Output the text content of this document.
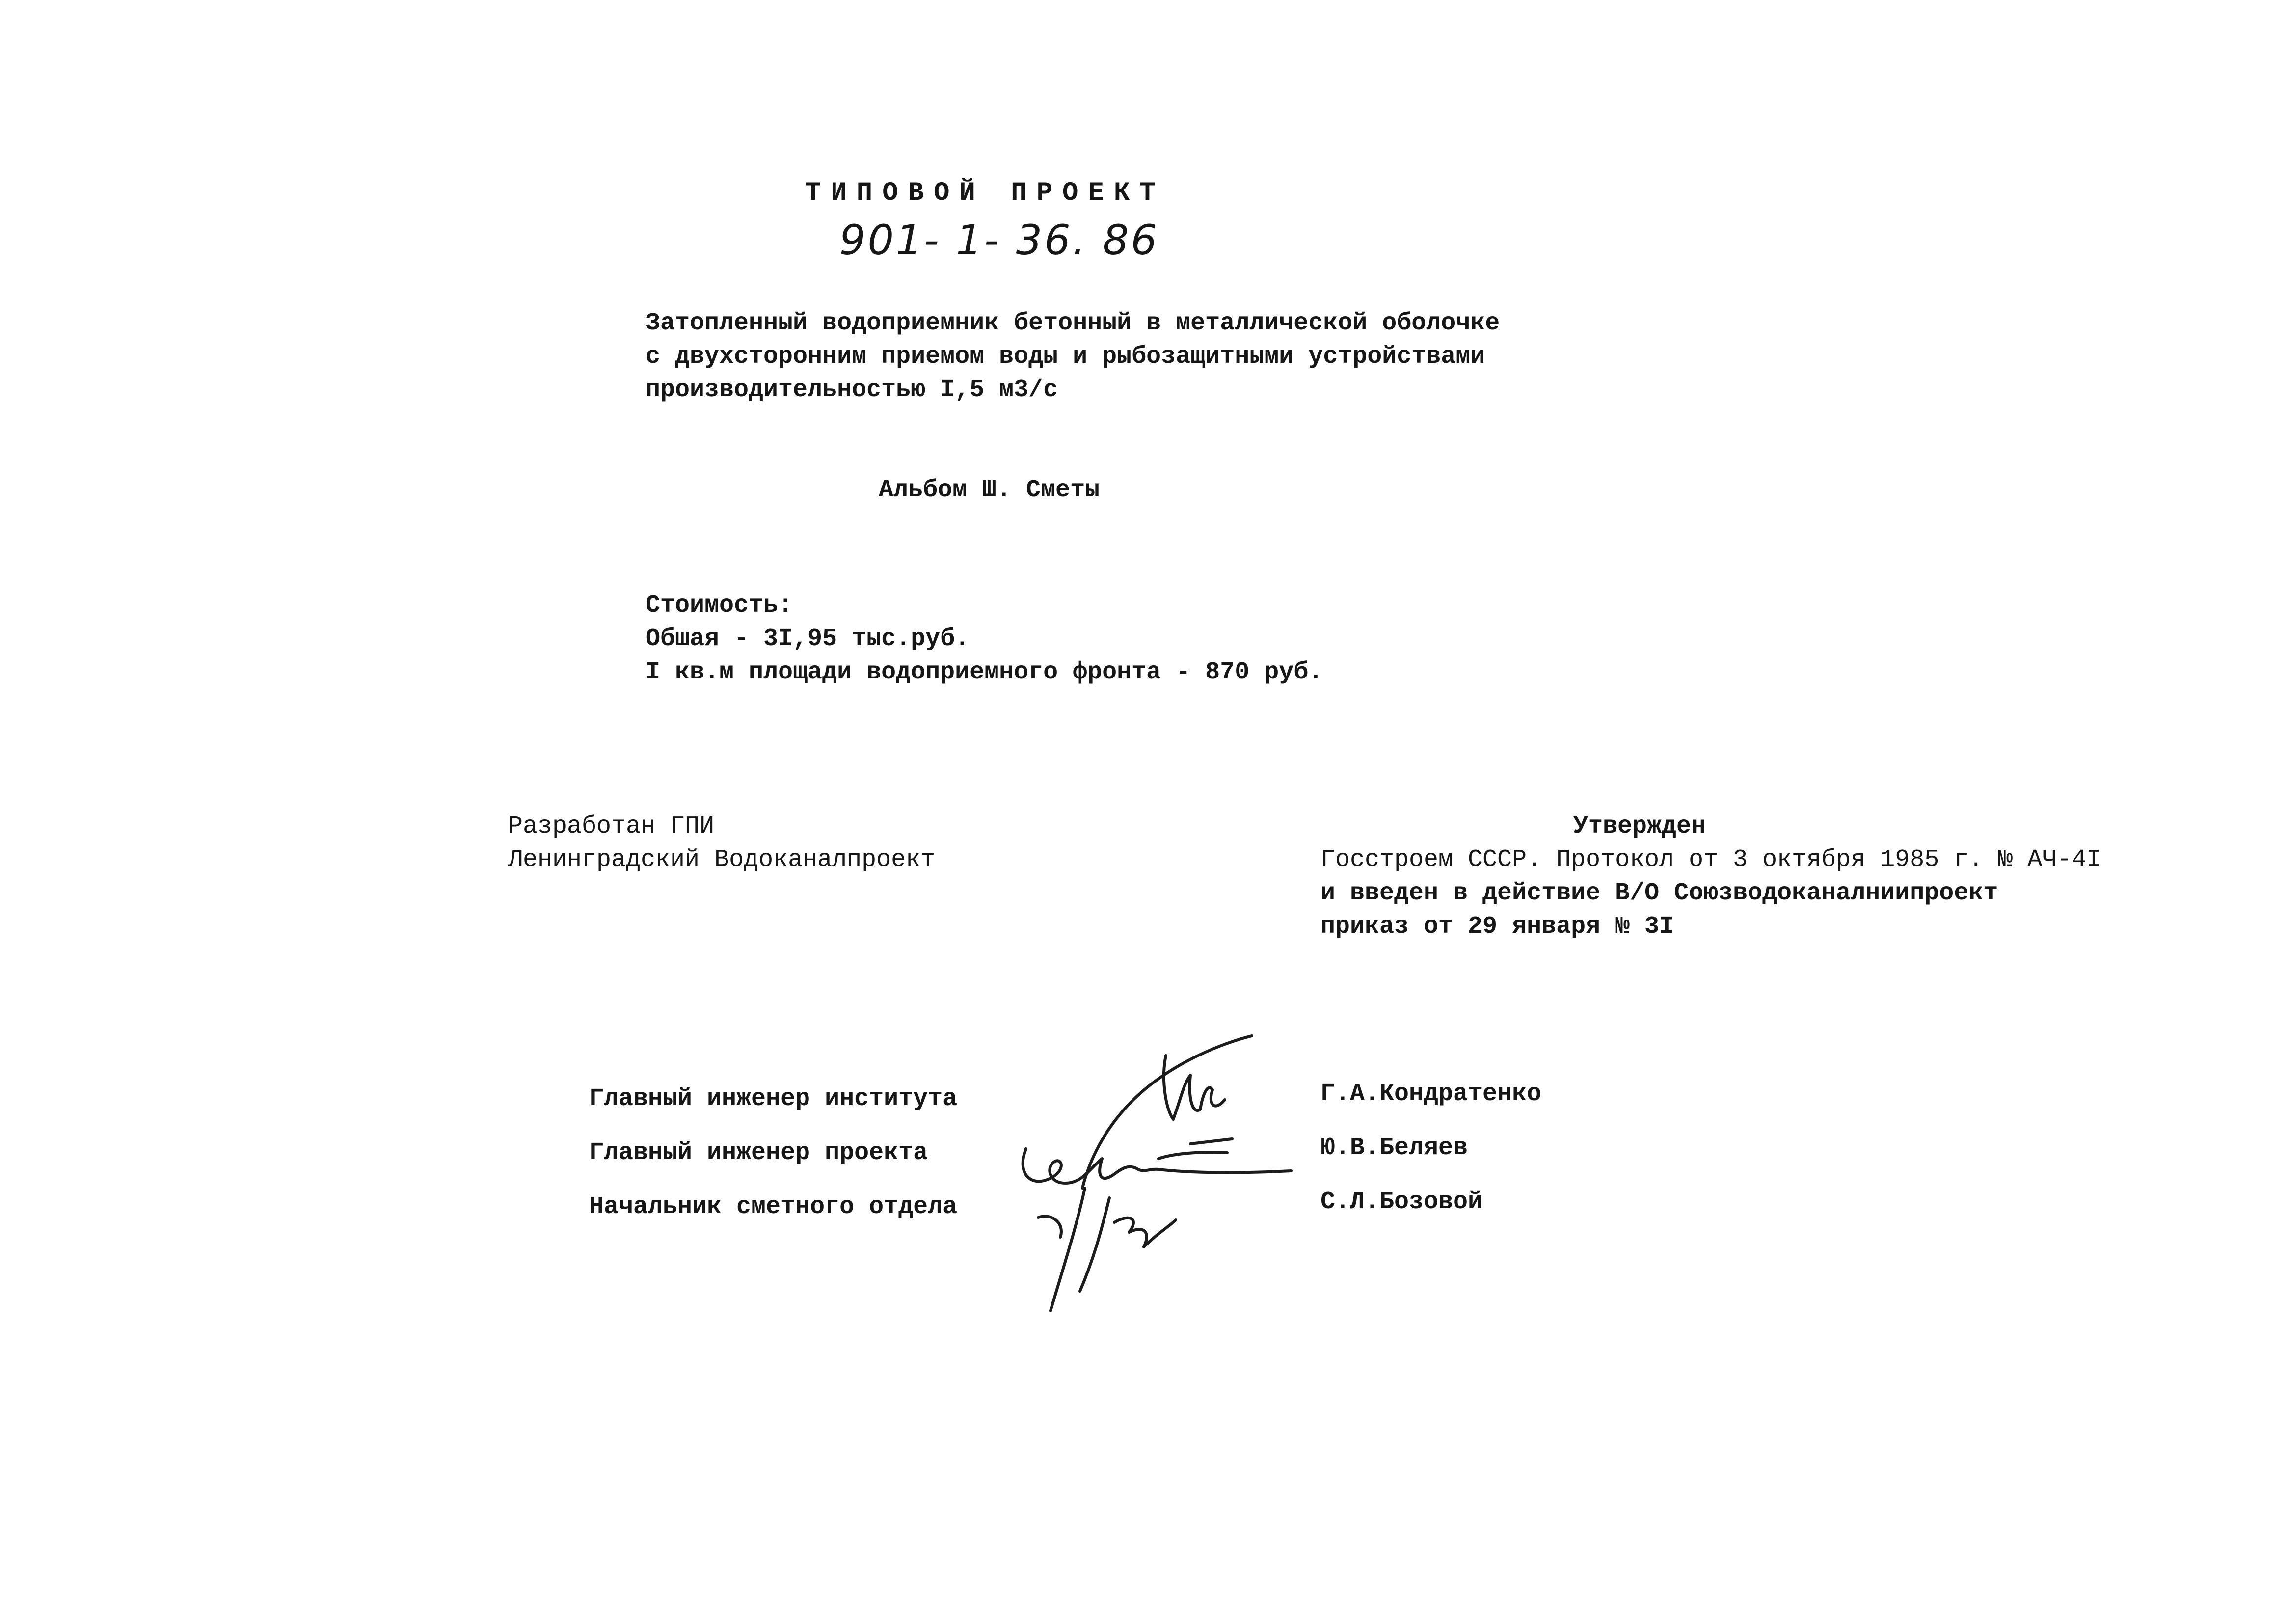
ТИПОВОЙ ПРОЕКТ
901- 1- 36. 86
Затопленный водоприемник бетонный в металлической оболочке
с двухсторонним приемом воды и рыбозащитными устройствами
производительностью I,5 м3/с
Альбом Ш. Сметы
Стоимость:
Обшая - 3I,95 тыс.руб.
I кв.м площади водоприемного фронта - 870 руб.
Разработан ГПИ
Ленинградский Водоканалпроект
Утвержден
Госстроем СССР. Протокол от 3 октября 1985 г. № АЧ-4I
и введен в действие В/О Союзводоканалниипроект
приказ от 29 января № 3I
Главный инженер института	Г.А.Кондратенко
Главный инженер проекта	Ю.В.Беляев
Начальник сметного отдела	С.Л.Бозовой
